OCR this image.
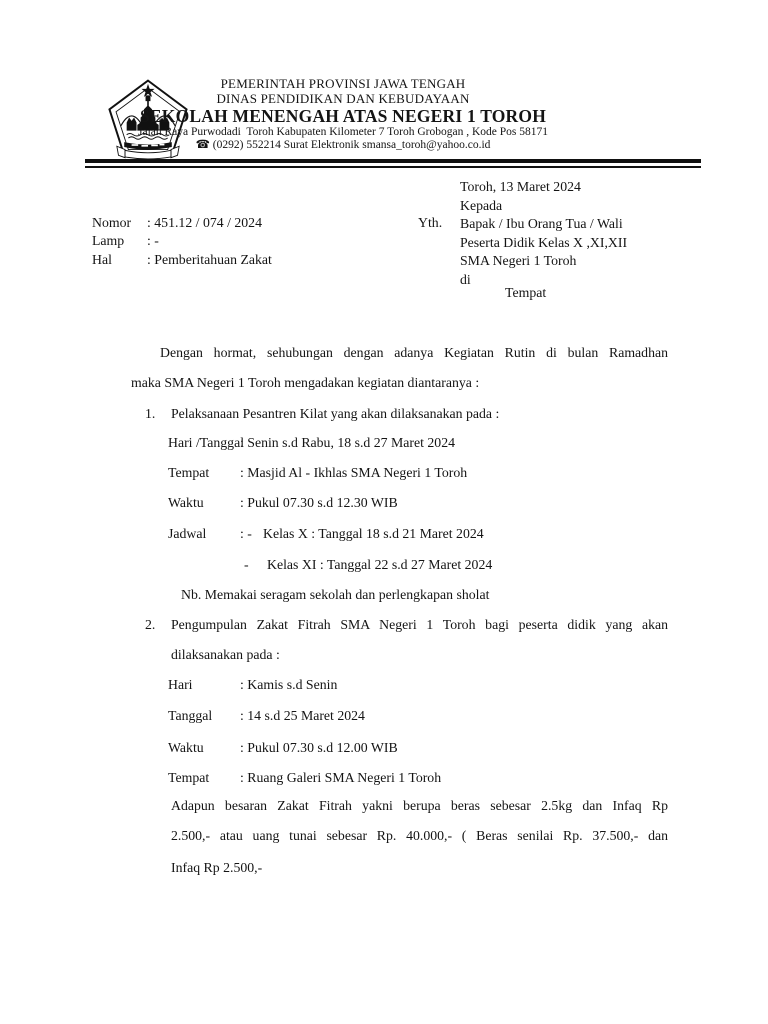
PEMERINTAH PROVINSI JAWA TENGAH
DINAS PENDIDIKAN DAN KEBUDAYAAN
SEKOLAH MENENGAH ATAS NEGERI 1 TOROH
Jalan Raya Purwodadi  Toroh Kabupaten Kilometer 7 Toroh Grobogan , Kode Pos 58171
☎ (0292) 552214 Surat Elektronik smansa_toroh@yahoo.co.id
Toroh, 13 Maret 2024
Kepada
Bapak / Ibu Orang Tua / Wali
Peserta Didik Kelas X ,XI,XII
SMA Negeri 1 Toroh
di
Yth.
Tempat
Nomor : 451.12 / 074 / 2024
Lamp : -
Hal	: Pemberitahuan Zakat
Dengan hormat, sehubungan dengan adanya Kegiatan Rutin di bulan Ramadhan
maka SMA Negeri 1 Toroh mengadakan kegiatan diantaranya :
1. Pelaksanaan Pesantren Kilat yang akan dilaksanakan pada :
Hari /Tanggal: Senin s.d Rabu, 18 s.d 27 Maret 2024
Tempat : Masjid Al - Ikhlas SMA Negeri 1 Toroh
Waktu	: Pukul 07.30 s.d 12.30 WIB
Jadwal : - Kelas X : Tanggal 18 s.d 21 Maret 2024
- Kelas XI : Tanggal 22 s.d 27 Maret 2024
Nb. Memakai seragam sekolah dan perlengkapan sholat
2. Pengumpulan Zakat Fitrah SMA Negeri 1 Toroh bagi peserta didik yang akan
dilaksanakan pada :
Hari	: Kamis s.d Senin
Tanggal : 14 s.d 25 Maret 2024
Waktu	: Pukul 07.30 s.d 12.00 WIB
Tempat : Ruang Galeri SMA Negeri 1 Toroh
Adapun besaran Zakat Fitrah yakni berupa beras sebesar 2.5kg dan Infaq Rp
2.500,- atau uang tunai sebesar Rp. 40.000,- ( Beras senilai Rp. 37.500,- dan
Infaq Rp 2.500,-
